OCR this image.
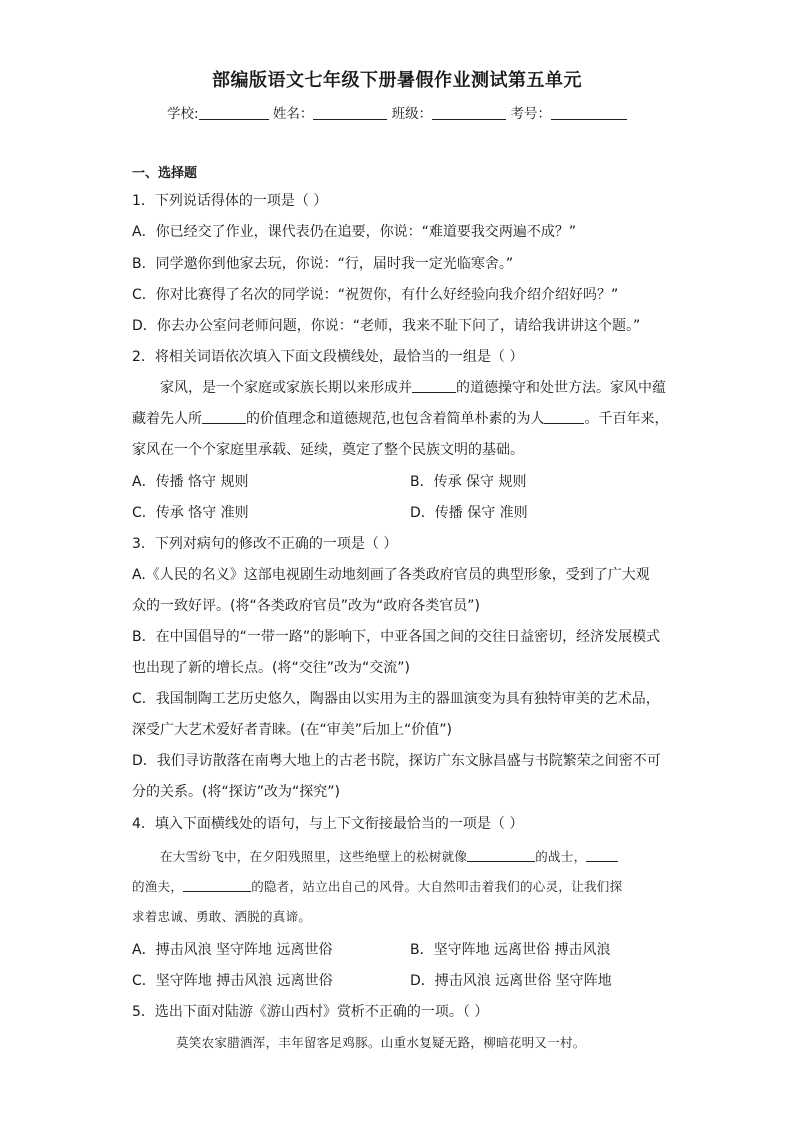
部编版语文七年级下册暑假作业测试第五单元
学校:	姓名：	班级：	考号：
一、选择题
1．下列说话得体的一项是（ ）
A．你已经交了作业，课代表仍在追要，你说：“难道要我交两遍不成？”
B．同学邀你到他家去玩，你说：“行，届时我一定光临寒舍。”
C．你对比赛得了名次的同学说：“祝贺你，有什么好经验向我介绍介绍好吗？”
D．你去办公室问老师问题，你说：“老师，我来不耻下问了，请给我讲讲这个题。”
2．将相关词语依次填入下面文段横线处，最恰当的一组是（ ）
家风，是一个家庭或家族长期以来形成并	的道德操守和处世方法。家风中蕴
藏着先人所	的价值理念和道德规范,也包含着简单朴素的为人	。千百年来，
家风在一个个家庭里承载、延续，奠定了整个民族文明的基础。
A．传播 恪守 规则	B．传承 保守 规则
C．传承 恪守 准则	D．传播 保守 准则
3．下列对病句的修改不正确的一项是（ ）
A.《人民的名义》这部电视剧生动地刻画了各类政府官员的典型形象，受到了广大观
众的一致好评。(将“各类政府官员”改为“政府各类官员”)
B．在中国倡导的“一带一路”的影响下，中亚各国之间的交往日益密切，经济发展模式
也出现了新的增长点。(将“交往”改为“交流”)
C．我国制陶工艺历史悠久，陶器由以实用为主的器皿演变为具有独特审美的艺术品，
深受广大艺术爱好者青睐。(在“审美”后加上“价值”)
D．我们寻访散落在南粤大地上的古老书院，探访广东文脉昌盛与书院繁荣之间密不可
分的关系。(将“探访”改为“探究”)
4．填入下面横线处的语句，与上下文衔接最恰当的一项是（ ）
在大雪纷飞中，在夕阳残照里，这些绝壁上的松树就像	的战士，
的渔夫，	的隐者，站立出自己的风骨。大自然叩击着我们的心灵，让我们探
求着忠诚、勇敢、洒脱的真谛。
A．搏击风浪 坚守阵地 远离世俗	B．坚守阵地 远离世俗 搏击风浪
C．坚守阵地 搏击风浪 远离世俗	D．搏击风浪 远离世俗 坚守阵地
5．选出下面对陆游《游山西村》赏析不正确的一项。（ ）
莫笑农家腊酒浑，丰年留客足鸡豚。山重水复疑无路，柳暗花明又一村。
